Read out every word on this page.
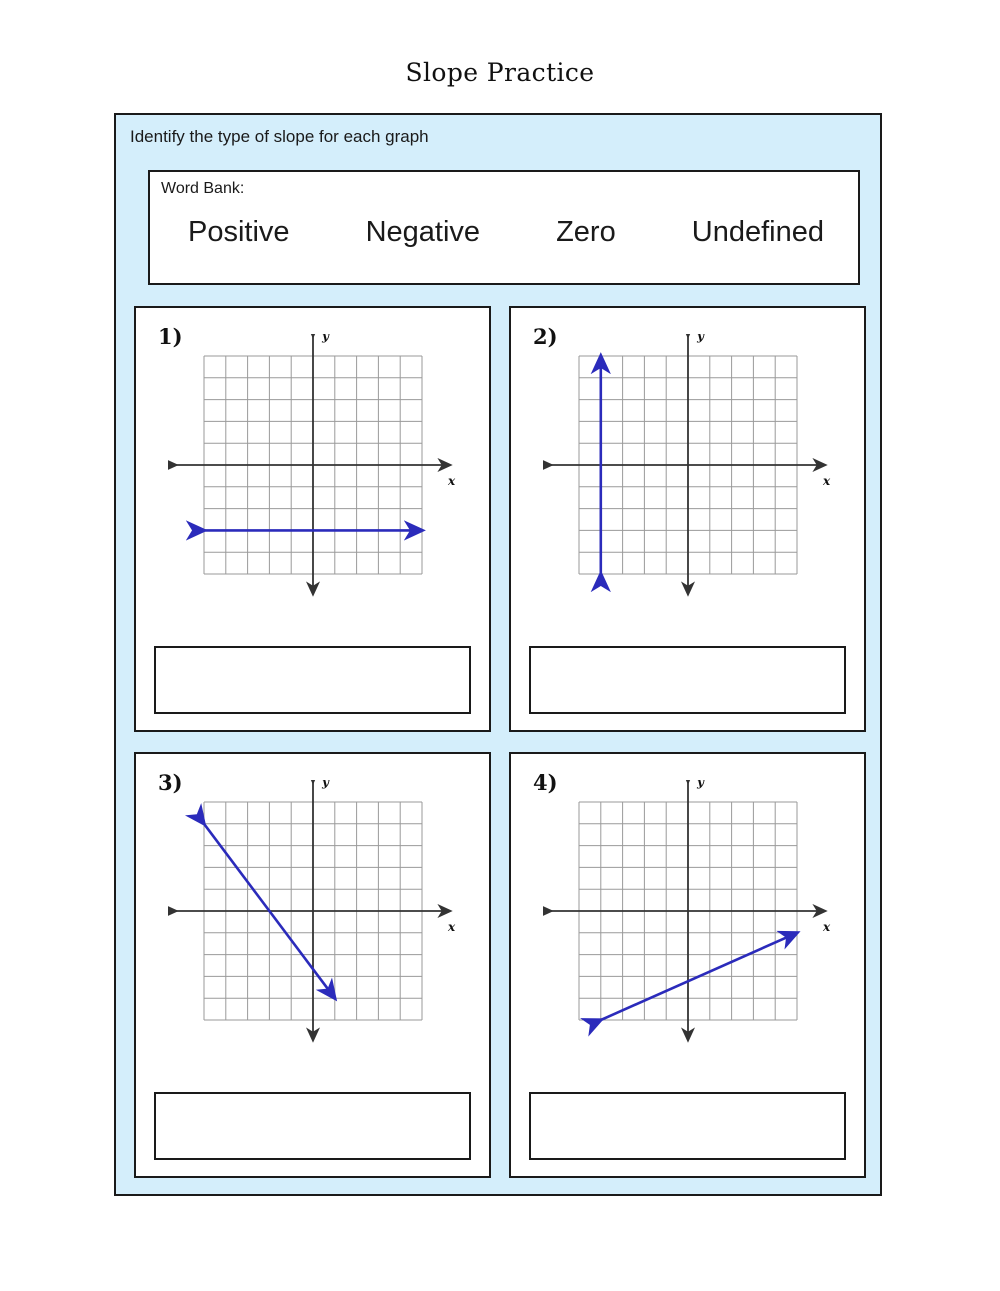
Slope Practice
Identify the type of slope for each graph
Word Bank:
Positive	Negative	Zero	Undefined
1)	y
x
2)	y
x
3)	y
x
4)	y
x
